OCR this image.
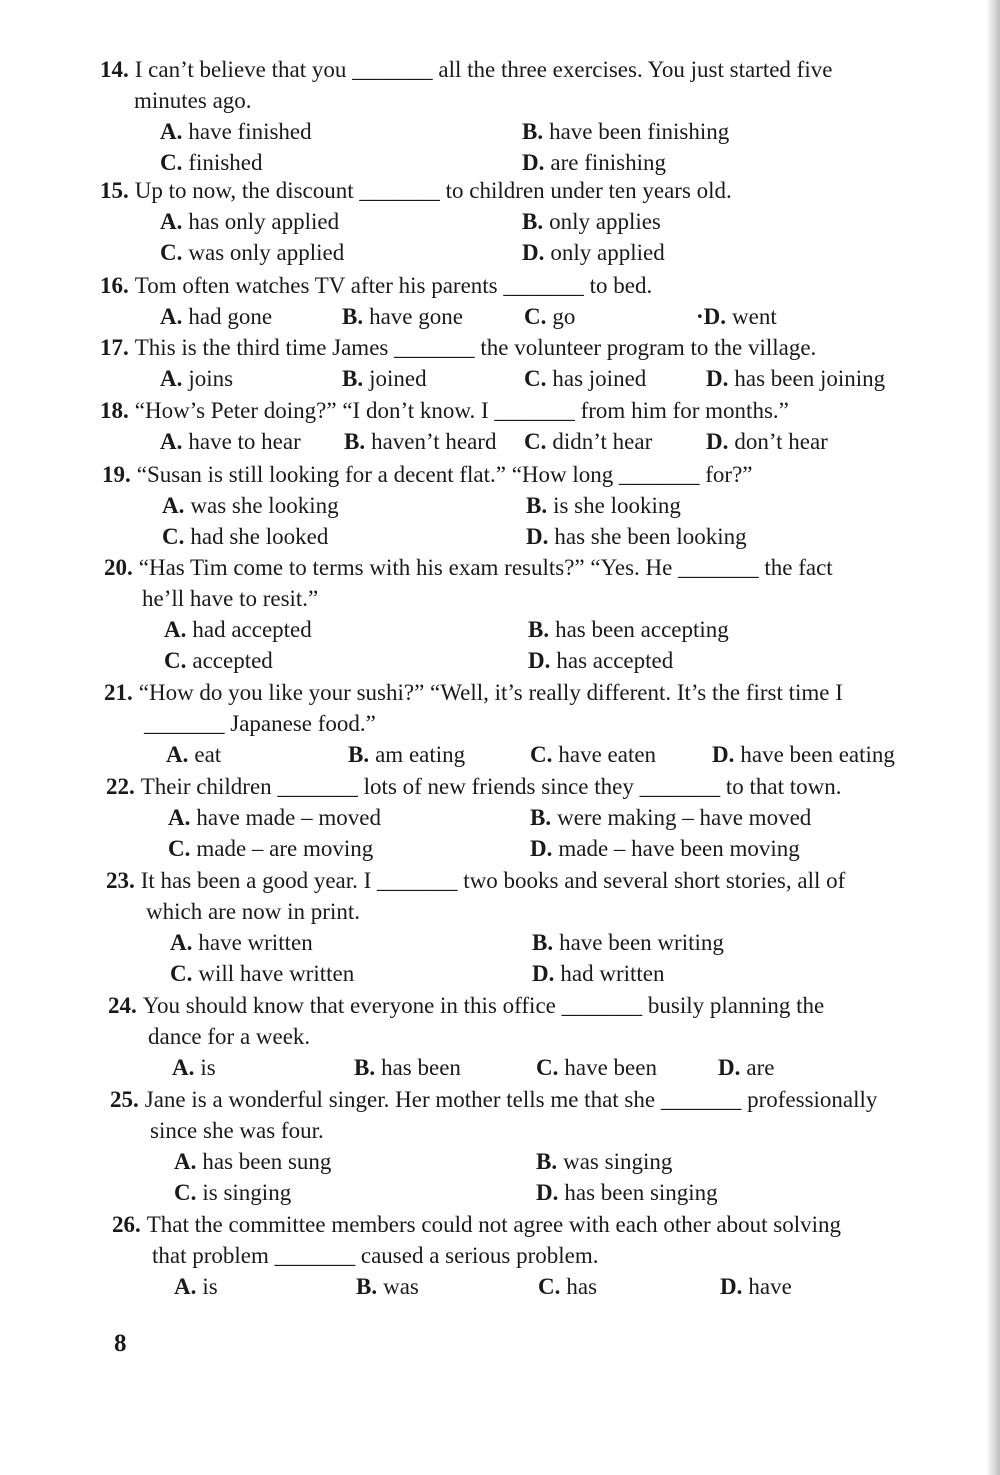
14. I can’t believe that you _______ all the three exercises. You just started five
minutes ago.
A. have finished	B. have been finishing
C. finished	D. are finishing
15. Up to now, the discount _______ to children under ten years old.
A. has only applied	B. only applies
C. was only applied	D. only applied
16. Tom often watches TV after his parents _______ to bed.
A. had gone	B. have gone	C. go	·D. went
17. This is the third time James _______ the volunteer program to the village.
A. joins	B. joined	C. has joined	D. has been joining
18. “How’s Peter doing?” “I don’t know. I _______ from him for months.”
A. have to hear B. haven’t heard C. didn’t hear D. don’t hear
19. “Susan is still looking for a decent flat.” “How long _______ for?”
A. was she looking	B. is she looking
C. had she looked	D. has she been looking
20. “Has Tim come to terms with his exam results?” “Yes. He _______ the fact
he’ll have to resit.”
A. had accepted	B. has been accepting
C. accepted	D. has accepted
21. “How do you like your sushi?” “Well, it’s really different. It’s the first time I
_______ Japanese food.”
A. eat	B. am eating	C. have eaten D. have been eating
22. Their children _______ lots of new friends since they _______ to that town.
A. have made – moved	B. were making – have moved
C. made – are moving	D. made – have been moving
23. It has been a good year. I _______ two books and several short stories, all of
which are now in print.
A. have written	B. have been writing
C. will have written	D. had written
24. You should know that everyone in this office _______ busily planning the
dance for a week.
A. is	B. has been	C. have been	D. are
25. Jane is a wonderful singer. Her mother tells me that she _______ professionally
since she was four.
A. has been sung	B. was singing
C. is singing	D. has been singing
26. That the committee members could not agree with each other about solving
that problem _______ caused a serious problem.
A. is	B. was	C. has	D. have
8
